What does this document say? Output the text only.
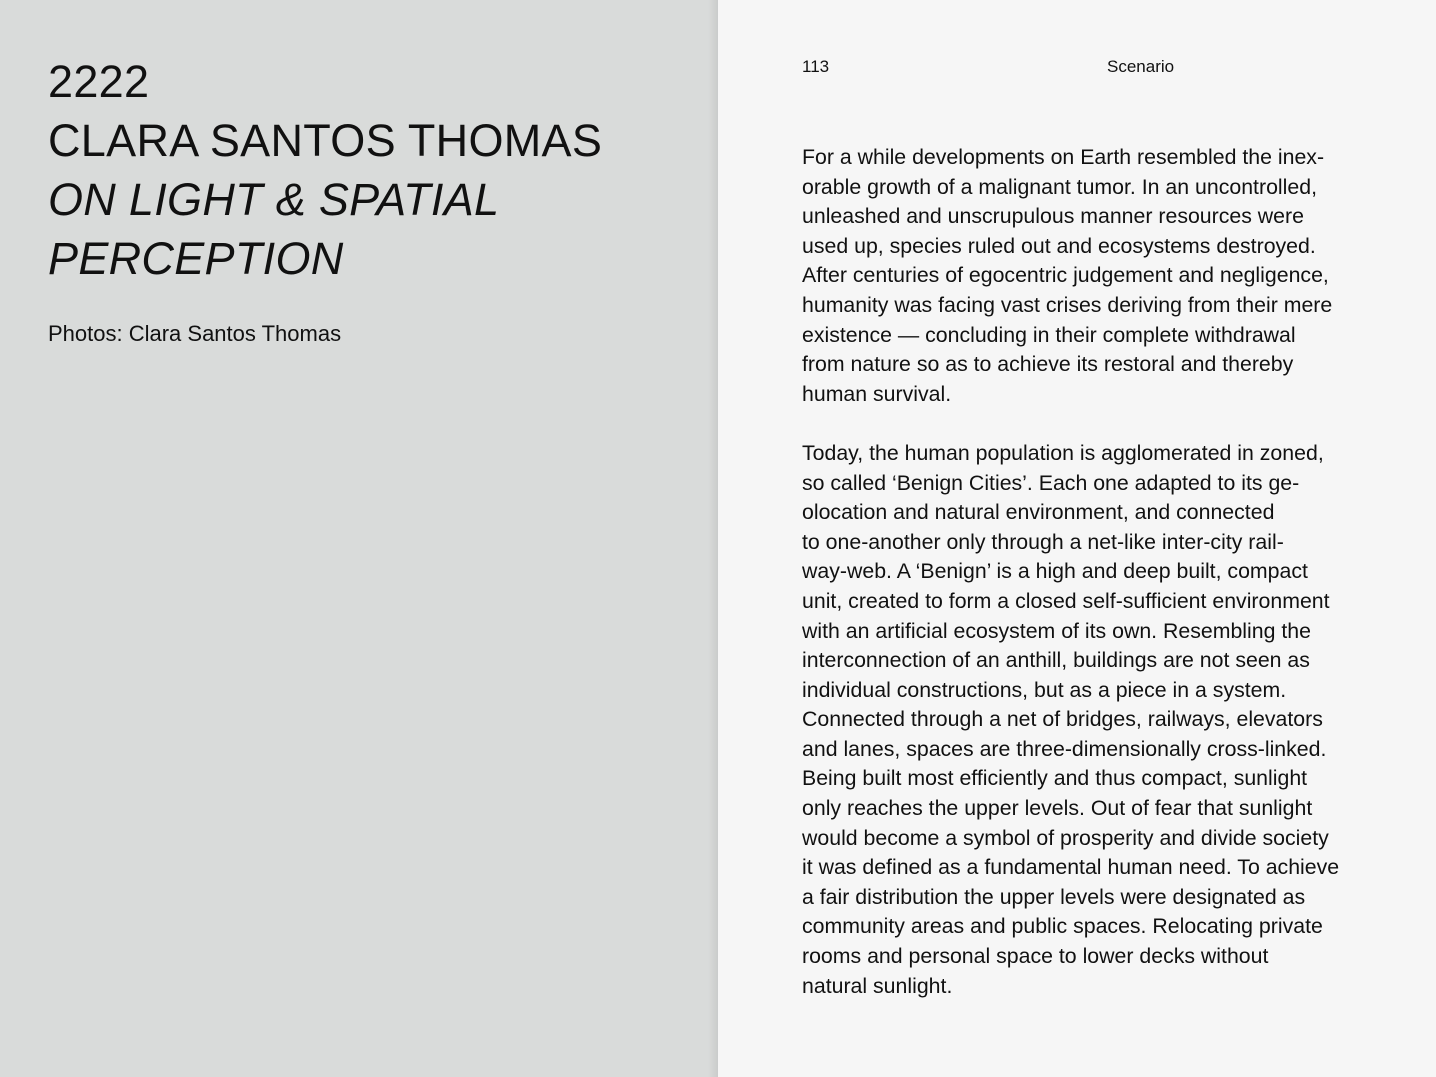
2222
CLARA SANTOS THOMAS
ON LIGHT & SPATIAL PERCEPTION
Photos: Clara Santos Thomas
113	Scenario

For a while developments on Earth resembled the inex-
orable growth of a malignant tumor. In an uncontrolled,
unleashed and unscrupulous manner resources were
used up, species ruled out and ecosystems destroyed.
After centuries of egocentric judgement and negligence,
humanity was facing vast crises deriving from their mere
existence — concluding in their complete withdrawal
from nature so as to achieve its restoral and thereby
human survival.

Today, the human population is agglomerated in zoned,
so called ‘Benign Cities’. Each one adapted to its ge-
olocation and natural environment, and connected
to one-another only through a net-like inter-city rail-
way-web. A ‘Benign’ is a high and deep built, compact
unit, created to form a closed self-sufficient environment
with an artificial ecosystem of its own. Resembling the
interconnection of an anthill, buildings are not seen as
individual constructions, but as a piece in a system.
Connected through a net of bridges, railways, elevators
and lanes, spaces are three-dimensionally cross-linked.
Being built most efficiently and thus compact, sunlight
only reaches the upper levels. Out of fear that sunlight
would become a symbol of prosperity and divide society
it was defined as a fundamental human need. To achieve
a fair distribution the upper levels were designated as
community areas and public spaces. Relocating private
rooms and personal space to lower decks without
natural sunlight.
